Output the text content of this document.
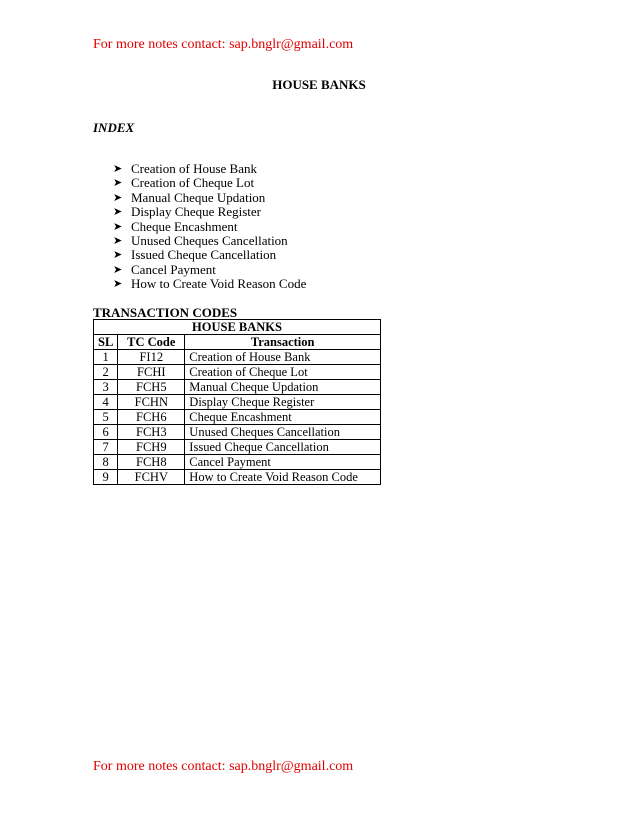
For more notes contact: sap.bnglr@gmail.com
HOUSE BANKS
INDEX
➤ Creation of House Bank
➤ Creation of Cheque Lot
➤ Manual Cheque Updation
➤ Display Cheque Register
➤ Cheque Encashment
➤ Unused Cheques Cancellation
➤ Issued Cheque Cancellation
➤ Cancel Payment
➤ How to Create Void Reason Code
TRANSACTION CODES
HOUSE BANKS		
SL	TC Code	Transaction
1	FI12	Creation of House Bank
2	FCHI	Creation of Cheque Lot
3	FCH5	Manual Cheque Updation
4	FCHN	Display Cheque Register
5	FCH6	Cheque Encashment
6	FCH3	Unused Cheques Cancellation
7	FCH9	Issued Cheque Cancellation
8	FCH8	Cancel Payment
9	FCHV	How to Create Void Reason Code
For more notes contact: sap.bnglr@gmail.com
